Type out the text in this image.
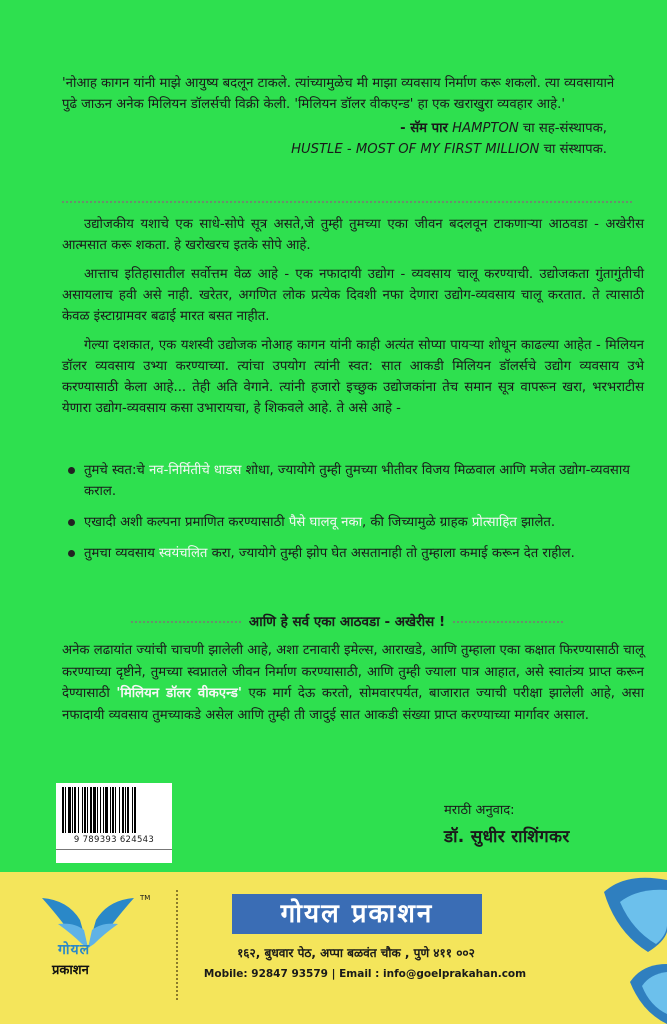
'नोआह कागन यांनी माझे आयुष्य बदलून टाकले. त्यांच्यामुळेच मी माझा व्यवसाय निर्माण करू शकलो. त्या व्यवसायाने पुढे जाऊन अनेक मिलियन डॉलर्सची विक्री केली. 'मिलियन डॉलर वीकएन्ड' हा एक खराखुरा व्यवहार आहे.'
- सॅम पार HAMPTON चा सह-संस्थापक,
HUSTLE - MOST OF MY FIRST MILLION चा संस्थापक.

उद्योजकीय यशाचे एक साधे-सोपे सूत्र असते,जे तुम्ही तुमच्या एका जीवन बदलवून टाकणाऱ्या आठवडा - अखेरीस आत्मसात करू शकता. हे खरोखरच इतके सोपे आहे.

आत्ताच इतिहासातील सर्वोत्तम वेळ आहे - एक नफादायी उद्योग - व्यवसाय चालू करण्याची. उद्योजकता गुंतागुंतीची असायलाच हवी असे नाही. खरेतर, अगणित लोक प्रत्येक दिवशी नफा देणारा उद्योग-व्यवसाय चालू करतात. ते त्यासाठी केवळ इंस्टाग्रामवर बढाई मारत बसत नाहीत.

गेल्या दशकात, एक यशस्वी उद्योजक नोआह कागन यांनी काही अत्यंत सोप्या पायऱ्या शोधून काढल्या आहेत - मिलियन डॉलर व्यवसाय उभ्या करण्याच्या. त्यांचा उपयोग त्यांनी स्वत: सात आकडी मिलियन डॉलर्सचे उद्योग व्यवसाय उभे करण्यासाठी केला आहे... तेही अति वेगाने. त्यांनी हजारो इच्छुक उद्योजकांना तेच समान सूत्र वापरून खरा, भरभराटीस येणारा उद्योग-व्यवसाय कसा उभारायचा, हे शिकवले आहे. ते असे आहे -

तुमचे स्वत:चे नव-निर्मितीचे धाडस शोधा, ज्यायोगे तुम्ही तुमच्या भीतीवर विजय मिळवाल आणि मजेत उद्योग-व्यवसाय कराल.
एखादी अशी कल्पना प्रमाणित करण्यासाठी पैसे घालवू नका, की जिच्यामुळे ग्राहक प्रोत्साहित झालेत.
तुमचा व्यवसाय स्वयंचलित करा, ज्यायोगे तुम्ही झोप घेत असतानाही तो तुम्हाला कमाई करून देत राहील.
आणि हे सर्व एका आठवडा - अखेरीस !
अनेक लढायांत ज्यांची चाचणी झालेली आहे, अशा टनावारी इमेल्स, आराखडे, आणि तुम्हाला एका कक्षात फिरण्यासाठी चालू करण्याच्या दृष्टीने, तुमच्या स्वप्नातले जीवन निर्माण करण्यासाठी, आणि तुम्ही ज्याला पात्र आहात, असे स्वातंत्र्य प्राप्त करून देण्यासाठी 'मिलियन डॉलर वीकएन्ड' एक मार्ग देऊ करतो, सोमवारपर्यत, बाजारात ज्याची परीक्षा झालेली आहे, असा नफादायी व्यवसाय तुमच्याकडे असेल आणि तुम्ही ती जादुई सात आकडी संख्या प्राप्त करण्याच्या मार्गावर असाल.
9 789393 624543
मराठी अनुवाद:
डॉ. सुधीर राशिंगकर
TM
गोयल
प्रकाशन
गोयल प्रकाशन
१६२, बुधवार पेठ, अप्पा बळवंत चौक , पुणे ४११ ००२
Mobile: 92847 93579 | Email : info@goelprakahan.com
